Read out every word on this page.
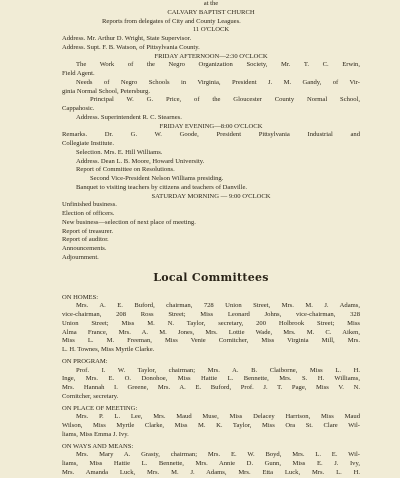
at the
CALVARY BAPTIST CHURCH
Reports from delegates of City and County Leagues.
11 O'CLOCK
Address. Mr. Arthur D. Wright, State Supervisor.
Address. Supt. F. B. Watson, of Pittsylvania County.
FRIDAY AFTERNOON—2:30 O'CLOCK
The Work of the Negro Organization Society, Mr. T. C. Erwin,
Field Agent.
Needs of Negro Schools in Virginia, President J. M. Gandy, of Vir-
ginia Normal School, Petersburg.
Principal W. G. Price, of the Gloucester County Normal School,
Cappahosic.
Address. Superintendent R. C. Stearnes.
FRIDAY EVENING—8:00 O'CLOCK
Remarks. Dr. G. W. Goode, President Pittsylvania Industrial and
Collegiate Institute.
Selection. Mrs. E. Hill Williams.
Address. Dean L. B. Moore, Howard University.
Report of Committee on Resolutions.
Second Vice-President Nelson Williams presiding.
Banquet to visiting teachers by citizens and teachers of Danville.
SATURDAY MORNING — 9:00 O'CLOCK
Unfinished business.
Election of officers.
New business—selection of next place of meeting.
Report of treasurer.
Report of auditor.
Announcements.
Adjournment.
Local Committees
ON HOMES:
Mrs. A. E. Buford, chairman, 728 Union Street, Mrs. M. J. Adams,
vice-chairman, 208 Ross Street; Miss Leonard Johns, vice-chairman, 328
Union Street; Miss M. N. Taylor, secretary, 200 Holbrook Street; Miss
Alma France, Mrs. A. M. Jones, Mrs. Lottie Wade, Mrs. M. C. Aiken,
Miss L. M. Freeman, Miss Venie Cornitcher, Miss Virginia Mill, Mrs.
L. H. Townes, Miss Myrtle Clarke.
ON PROGRAM:
Prof. I. W. Taylor, chairman; Mrs. A. B. Claiborne, Miss L. H.
Inge, Mrs. E. O. Donohoe, Miss Hattie L. Bennette, Mrs. S. H. Williams,
Mrs. Hannah I. Greene, Mrs. A. E. Buford, Prof. J. T. Page, Miss V. N.
Cornitcher, secretary.
ON PLACE OF MEETING:
Mrs. P. L. Lee, Mrs. Maud Muse, Miss Delacey Harrison, Miss Maud
Wilson, Miss Myrtle Clarke, Miss M. K. Taylor, Miss Ora St. Clare Wil-
liams, Miss Emma J. Ivy.
ON WAYS AND MEANS:
Mrs. Mary A. Grasty, chairman; Mrs. E. W. Boyd, Mrs. L. E. Wil-
liams, Miss Hattie L. Bennette, Mrs. Annie D. Gunn, Miss E. J. Ivy,
Mrs. Amanda Luck, Mrs. M. J. Adams, Mrs. Etta Luck, Mrs. L. H.
